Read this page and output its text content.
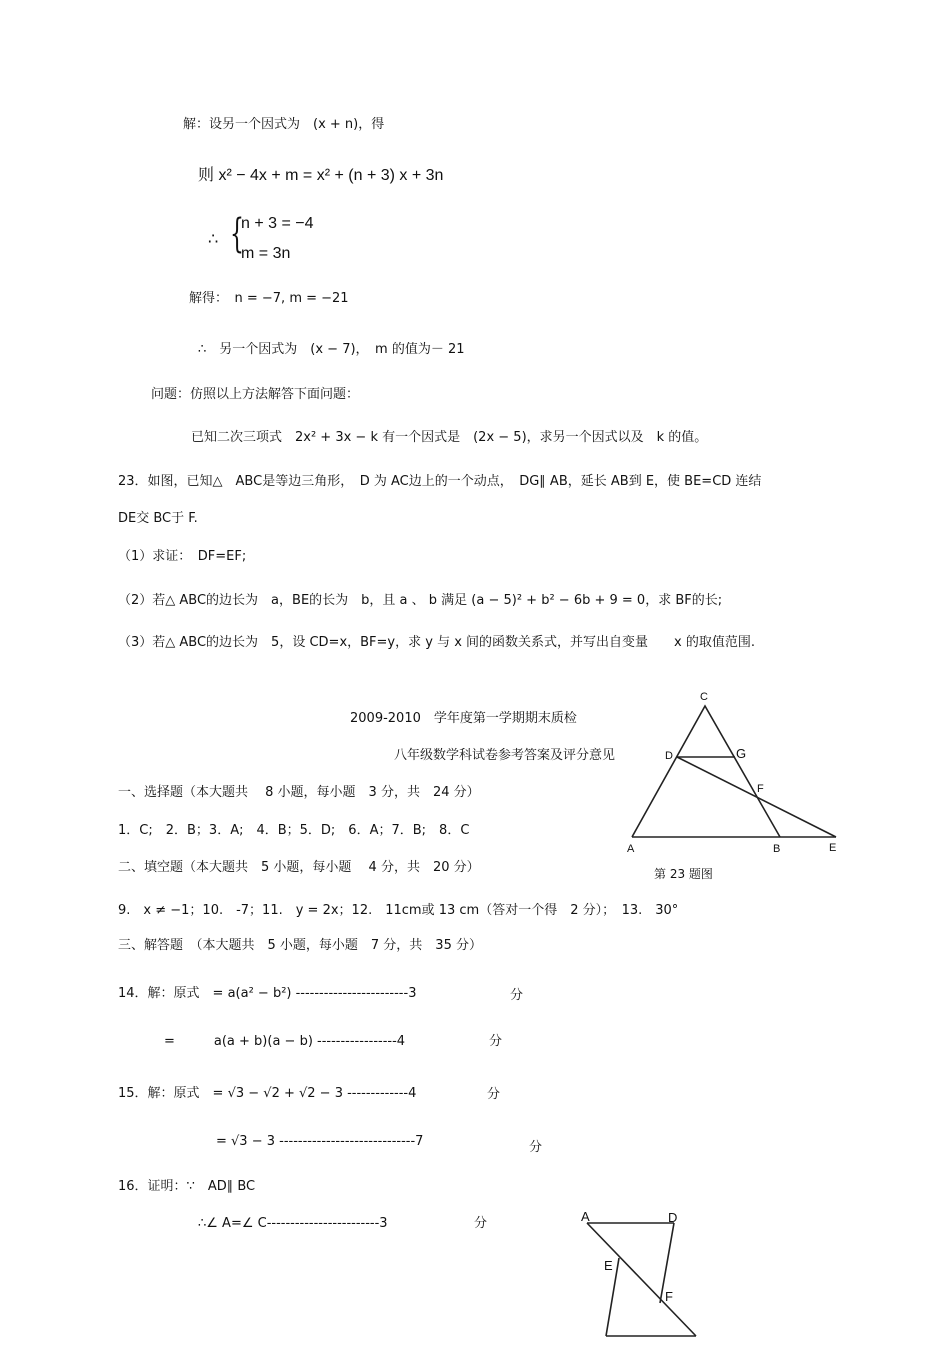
解：设另一个因式为　(x + n)，得
则 x² − 4x + m = x² + (n + 3) x + 3n
∴ {
n + 3 = −4
m = 3n
解得：　n = −7, m = −21
∴　另一个因式为　(x − 7)，　m 的值为－ 21
问题：仿照以上方法解答下面问题：
已知二次三项式　2x² + 3x − k 有一个因式是　(2x − 5)，求另一个因式以及　k 的值。
23．如图，已知△　ABC是等边三角形，　D 为 AC边上的一个动点，　DG∥ AB，延长 AB到 E，使 BE=CD 连结
DE交 BC于 F.
（1）求证：　DF=EF;
（2）若△ ABC的边长为　a，BE的长为　b，且 a 、 b 满足 (a − 5)² + b² − 6b + 9 = 0，求 BF的长;
（3）若△ ABC的边长为　5，设 CD=x，BF=y，求 y 与 x 间的函数关系式，并写出自变量　　x 的取值范围.
C
D	G
F
A	B	E
第 23 题图
2009-2010　学年度第一学期期末质检
八年级数学科试卷参考答案及评分意见
一、选择题（本大题共　 8 小题，每小题　3 分，共　24 分）
1．C;　2．B；3．A;　4．B；5．D;　6．A；7．B;　8．C
二、填空题（本大题共　5 小题，每小题　 4 分，共　20 分）
9.　x ≠ −1；10.　-7；11.　y = 2x；12.　11cm或 13 cm（答对一个得　2 分）；　13.　30°
三、解答题　（本大题共　5 小题，每小题　7 分，共　35 分）
14．解：原式　= a(a² − b²) ------------------------3	分
=　　　a(a + b)(a − b) -----------------4	分
15．解：原式　= √3 − √2 + √2 − 3 -------------4	分
= √3 − 3 -----------------------------7	分
16．证明：∵　AD∥ BC
∴∠ A=∠ C------------------------3	分	A	D
E
F
